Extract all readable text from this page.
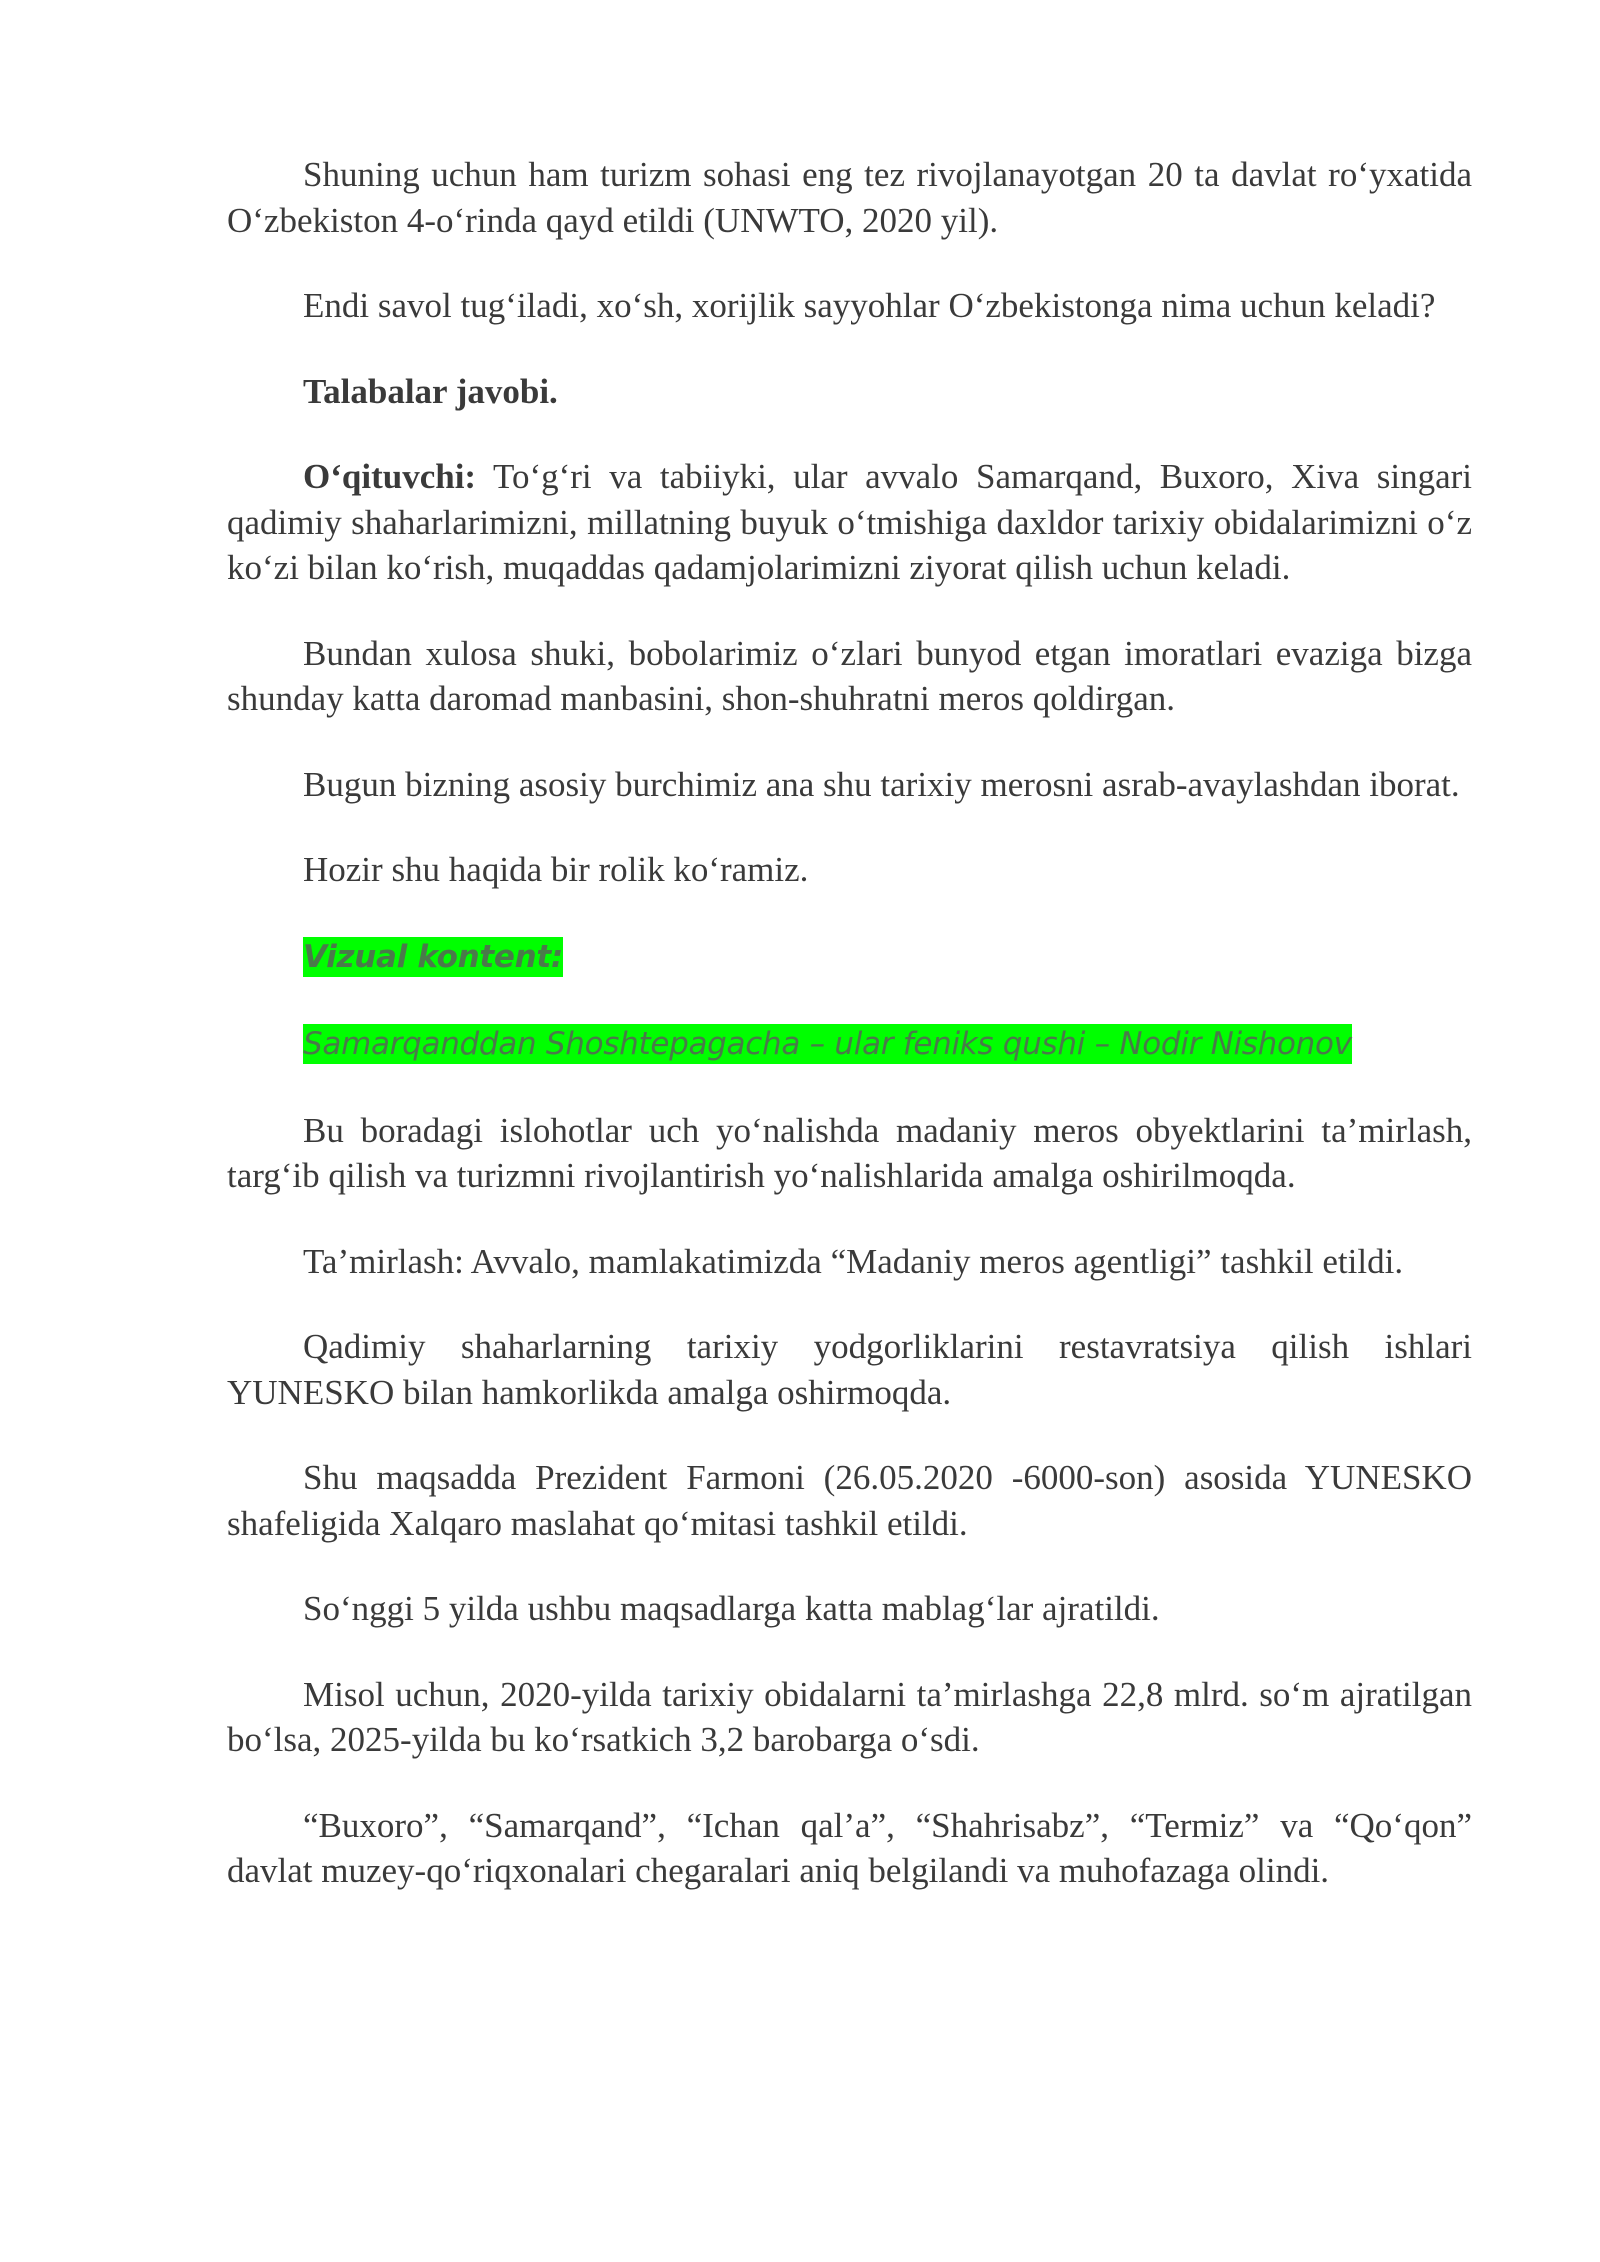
Shuning uchun ham turizm sohasi eng tez rivojlanayotgan 20 ta davlat ro‘yxatida O‘zbekiston 4-o‘rinda qayd etildi (UNWTO, 2020 yil).

Endi savol tug‘iladi, xo‘sh, xorijlik sayyohlar O‘zbekistonga nima uchun keladi?

Talabalar javobi.

O‘qituvchi: To‘g‘ri va tabiiyki, ular avvalo Samarqand, Buxoro, Xiva singari qadimiy shaharlarimizni, millatning buyuk o‘tmishiga daxldor tarixiy obidalarimizni o‘z ko‘zi bilan ko‘rish, muqaddas qadamjolarimizni ziyorat qilish uchun keladi.

Bundan xulosa shuki, bobolarimiz o‘zlari bunyod etgan imoratlari evaziga bizga shunday katta daromad manbasini, shon-shuhratni meros qoldirgan.

Bugun bizning asosiy burchimiz ana shu tarixiy merosni asrab-avaylashdan iborat.

Hozir shu haqida bir rolik ko‘ramiz.

Vizual kontent:

Samarqanddan Shoshtepagacha – ular feniks qushi – Nodir Nishonov

Bu boradagi islohotlar uch yo‘nalishda madaniy meros obyektlarini ta’mirlash, targ‘ib qilish va turizmni rivojlantirish yo‘nalishlarida amalga oshirilmoqda.

Ta’mirlash: Avvalo, mamlakatimizda “Madaniy meros agentligi” tashkil etildi.

Qadimiy shaharlarning tarixiy yodgorliklarini restavratsiya qilish ishlari YUNESKO bilan hamkorlikda amalga oshirmoqda.

Shu maqsadda Prezident Farmoni (26.05.2020 -6000-son) asosida YUNESKO shafeligida Xalqaro maslahat qo‘mitasi tashkil etildi.

So‘nggi 5 yilda ushbu maqsadlarga katta mablag‘lar ajratildi.

Misol uchun, 2020-yilda tarixiy obidalarni ta’mirlashga 22,8 mlrd. so‘m ajratilgan bo‘lsa, 2025-yilda bu ko‘rsatkich 3,2 barobarga o‘sdi.

“Buxoro”, “Samarqand”, “Ichan qal’a”, “Shahrisabz”, “Termiz” va “Qo‘qon” davlat muzey-qo‘riqxonalari chegaralari aniq belgilandi va muhofazaga olindi.
